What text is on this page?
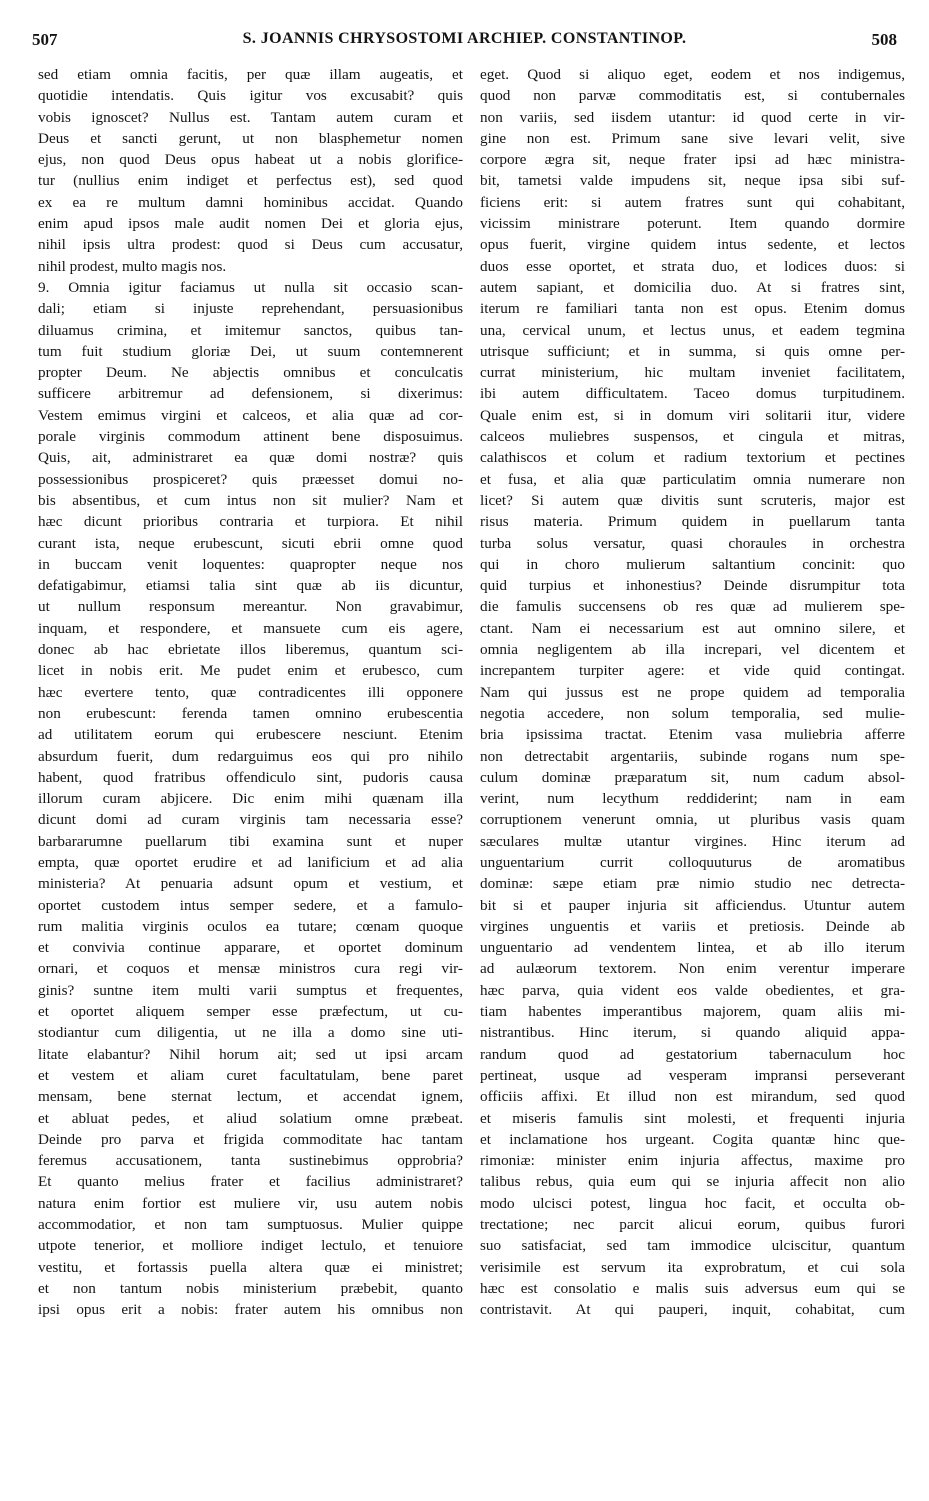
507	S. JOANNIS CHRYSOSTOMI ARCHIEP. CONSTANTINOP.	508
sed etiam omnia facitis, per quæ illam augeatis, et
quotidie intendatis. Quis igitur vos excusabit? quis
vobis ignoscet? Nullus est. Tantam autem curam et
Deus et sancti gerunt, ut non blasphemetur nomen
ejus, non quod Deus opus habeat ut a nobis glorifice-
tur (nullius enim indiget et perfectus est), sed quod
ex ea re multum damni hominibus accidat. Quando
enim apud ipsos male audit nomen Dei et gloria ejus,
nihil ipsis ultra prodest: quod si Deus cum accusatur,
nihil prodest, multo magis nos.
9. Omnia igitur faciamus ut nulla sit occasio scan-
dali; etiam si injuste reprehendant, persuasionibus
diluamus crimina, et imitemur sanctos, quibus tan-
tum fuit studium gloriæ Dei, ut suum contemnerent
propter Deum. Ne abjectis omnibus et conculcatis
sufficere arbitremur ad defensionem, si dixerimus:
Vestem emimus virgini et calceos, et alia quæ ad cor-
porale virginis commodum attinent bene disposuimus.
Quis, ait, administraret ea quæ domi nostræ? quis
possessionibus prospiceret? quis præesset domui no-
bis absentibus, et cum intus non sit mulier? Nam et
hæc dicunt prioribus contraria et turpiora. Et nihil
curant ista, neque erubescunt, sicuti ebrii omne quod
in buccam venit loquentes: quapropter neque nos
defatigabimur, etiamsi talia sint quæ ab iis dicuntur,
ut nullum responsum mereantur. Non gravabimur,
inquam, et respondere, et mansuete cum eis agere,
donec ab hac ebrietate illos liberemus, quantum sci-
licet in nobis erit. Me pudet enim et erubesco, cum
hæc evertere tento, quæ contradicentes illi opponere
non erubescunt: ferenda tamen omnino erubescentia
ad utilitatem eorum qui erubescere nesciunt. Etenim
absurdum fuerit, dum redarguimus eos qui pro nihilo
habent, quod fratribus offendiculo sint, pudoris causa
illorum curam abjicere. Dic enim mihi quænam illa
dicunt domi ad curam virginis tam necessaria esse?
barbararumne puellarum tibi examina sunt et nuper
empta, quæ oportet erudire et ad lanificium et ad alia
ministeria? At penuaria adsunt opum et vestium, et
oportet custodem intus semper sedere, et a famulo-
rum malitia virginis oculos ea tutare; cœnam quoque
et convivia continue apparare, et oportet dominum
ornari, et coquos et mensæ ministros cura regi vir-
ginis? suntne item multi varii sumptus et frequentes,
et oportet aliquem semper esse præfectum, ut cu-
stodiantur cum diligentia, ut ne illa a domo sine uti-
litate elabantur? Nihil horum ait; sed ut ipsi arcam
et vestem et aliam curet facultatulam, bene paret
mensam, bene sternat lectum, et accendat ignem,
et abluat pedes, et aliud solatium omne præbeat.
Deinde pro parva et frigida commoditate hac tantam
feremus accusationem, tanta sustinebimus opprobria?
Et quanto melius frater et facilius administraret?
natura enim fortior est muliere vir, usu autem nobis
accommodatior, et non tam sumptuosus. Mulier quippe
utpote tenerior, et molliore indiget lectulo, et tenuiore
vestitu, et fortassis puella altera quæ ei ministret;
et non tantum nobis ministerium præbebit, quanto
ipsi opus erit a nobis: frater autem his omnibus non
eget. Quod si aliquo eget, eodem et nos indigemus,
quod non parvæ commoditatis est, si contubernales
non variis, sed iisdem utantur: id quod certe in vir-
gine non est. Primum sane sive levari velit, sive
corpore ægra sit, neque frater ipsi ad hæc ministra-
bit, tametsi valde impudens sit, neque ipsa sibi suf-
ficiens erit: si autem fratres sunt qui cohabitant,
vicissim ministrare poterunt. Item quando dormire
opus fuerit, virgine quidem intus sedente, et lectos
duos esse oportet, et strata duo, et lodices duos: si
autem sapiant, et domicilia duo. At si fratres sint,
iterum re familiari tanta non est opus. Etenim domus
una, cervical unum, et lectus unus, et eadem tegmina
utrisque sufficiunt; et in summa, si quis omne per-
currat ministerium, hic multam inveniet facilitatem,
ibi autem difficultatem. Taceo domus turpitudinem.
Quale enim est, si in domum viri solitarii itur, videre
calceos muliebres suspensos, et cingula et mitras,
calathiscos et colum et radium textorium et pectines
et fusa, et alia quæ particulatim omnia numerare non
licet? Si autem quæ divitis sunt scruteris, major est
risus materia. Primum quidem in puellarum tanta
turba solus versatur, quasi choraules in orchestra
qui in choro mulierum saltantium concinit: quo
quid turpius et inhonestius? Deinde disrumpitur tota
die famulis succensens ob res quæ ad mulierem spe-
ctant. Nam ei necessarium est aut omnino silere, et
omnia negligentem ab illa increpari, vel dicentem et
increpantem turpiter agere: et vide quid contingat.
Nam qui jussus est ne prope quidem ad temporalia
negotia accedere, non solum temporalia, sed mulie-
bria ipsissima tractat. Etenim vasa muliebria afferre
non detrectabit argentariis, subinde rogans num spe-
culum dominæ præparatum sit, num cadum absol-
verint, num lecythum reddiderint; nam in eam
corruptionem venerunt omnia, ut pluribus vasis quam
sæculares multæ utantur virgines. Hinc iterum ad
unguentarium currit colloquuturus de aromatibus
dominæ: sæpe etiam præ nimio studio nec detrecta-
bit si et pauper injuria sit afficiendus. Utuntur autem
virgines unguentis et variis et pretiosis. Deinde ab
unguentario ad vendentem lintea, et ab illo iterum
ad aulæorum textorem. Non enim verentur imperare
hæc parva, quia vident eos valde obedientes, et gra-
tiam habentes imperantibus majorem, quam aliis mi-
nistrantibus. Hinc iterum, si quando aliquid appa-
randum quod ad gestatorium tabernaculum hoc
pertineat, usque ad vesperam impransi perseverant
officiis affixi. Et illud non est mirandum, sed quod
et miseris famulis sint molesti, et frequenti injuria
et inclamatione hos urgeant. Cogita quantæ hinc que-
rimoniæ: minister enim injuria affectus, maxime pro
talibus rebus, quia eum qui se injuria affecit non alio
modo ulcisci potest, lingua hoc facit, et occulta ob-
trectatione; nec parcit alicui eorum, quibus furori
suo satisfaciat, sed tam immodice ulciscitur, quantum
verisimile est servum ita exprobratum, et cui sola
hæc est consolatio e malis suis adversus eum qui se
contristavit. At qui pauperi, inquit, cohabitat, cum
